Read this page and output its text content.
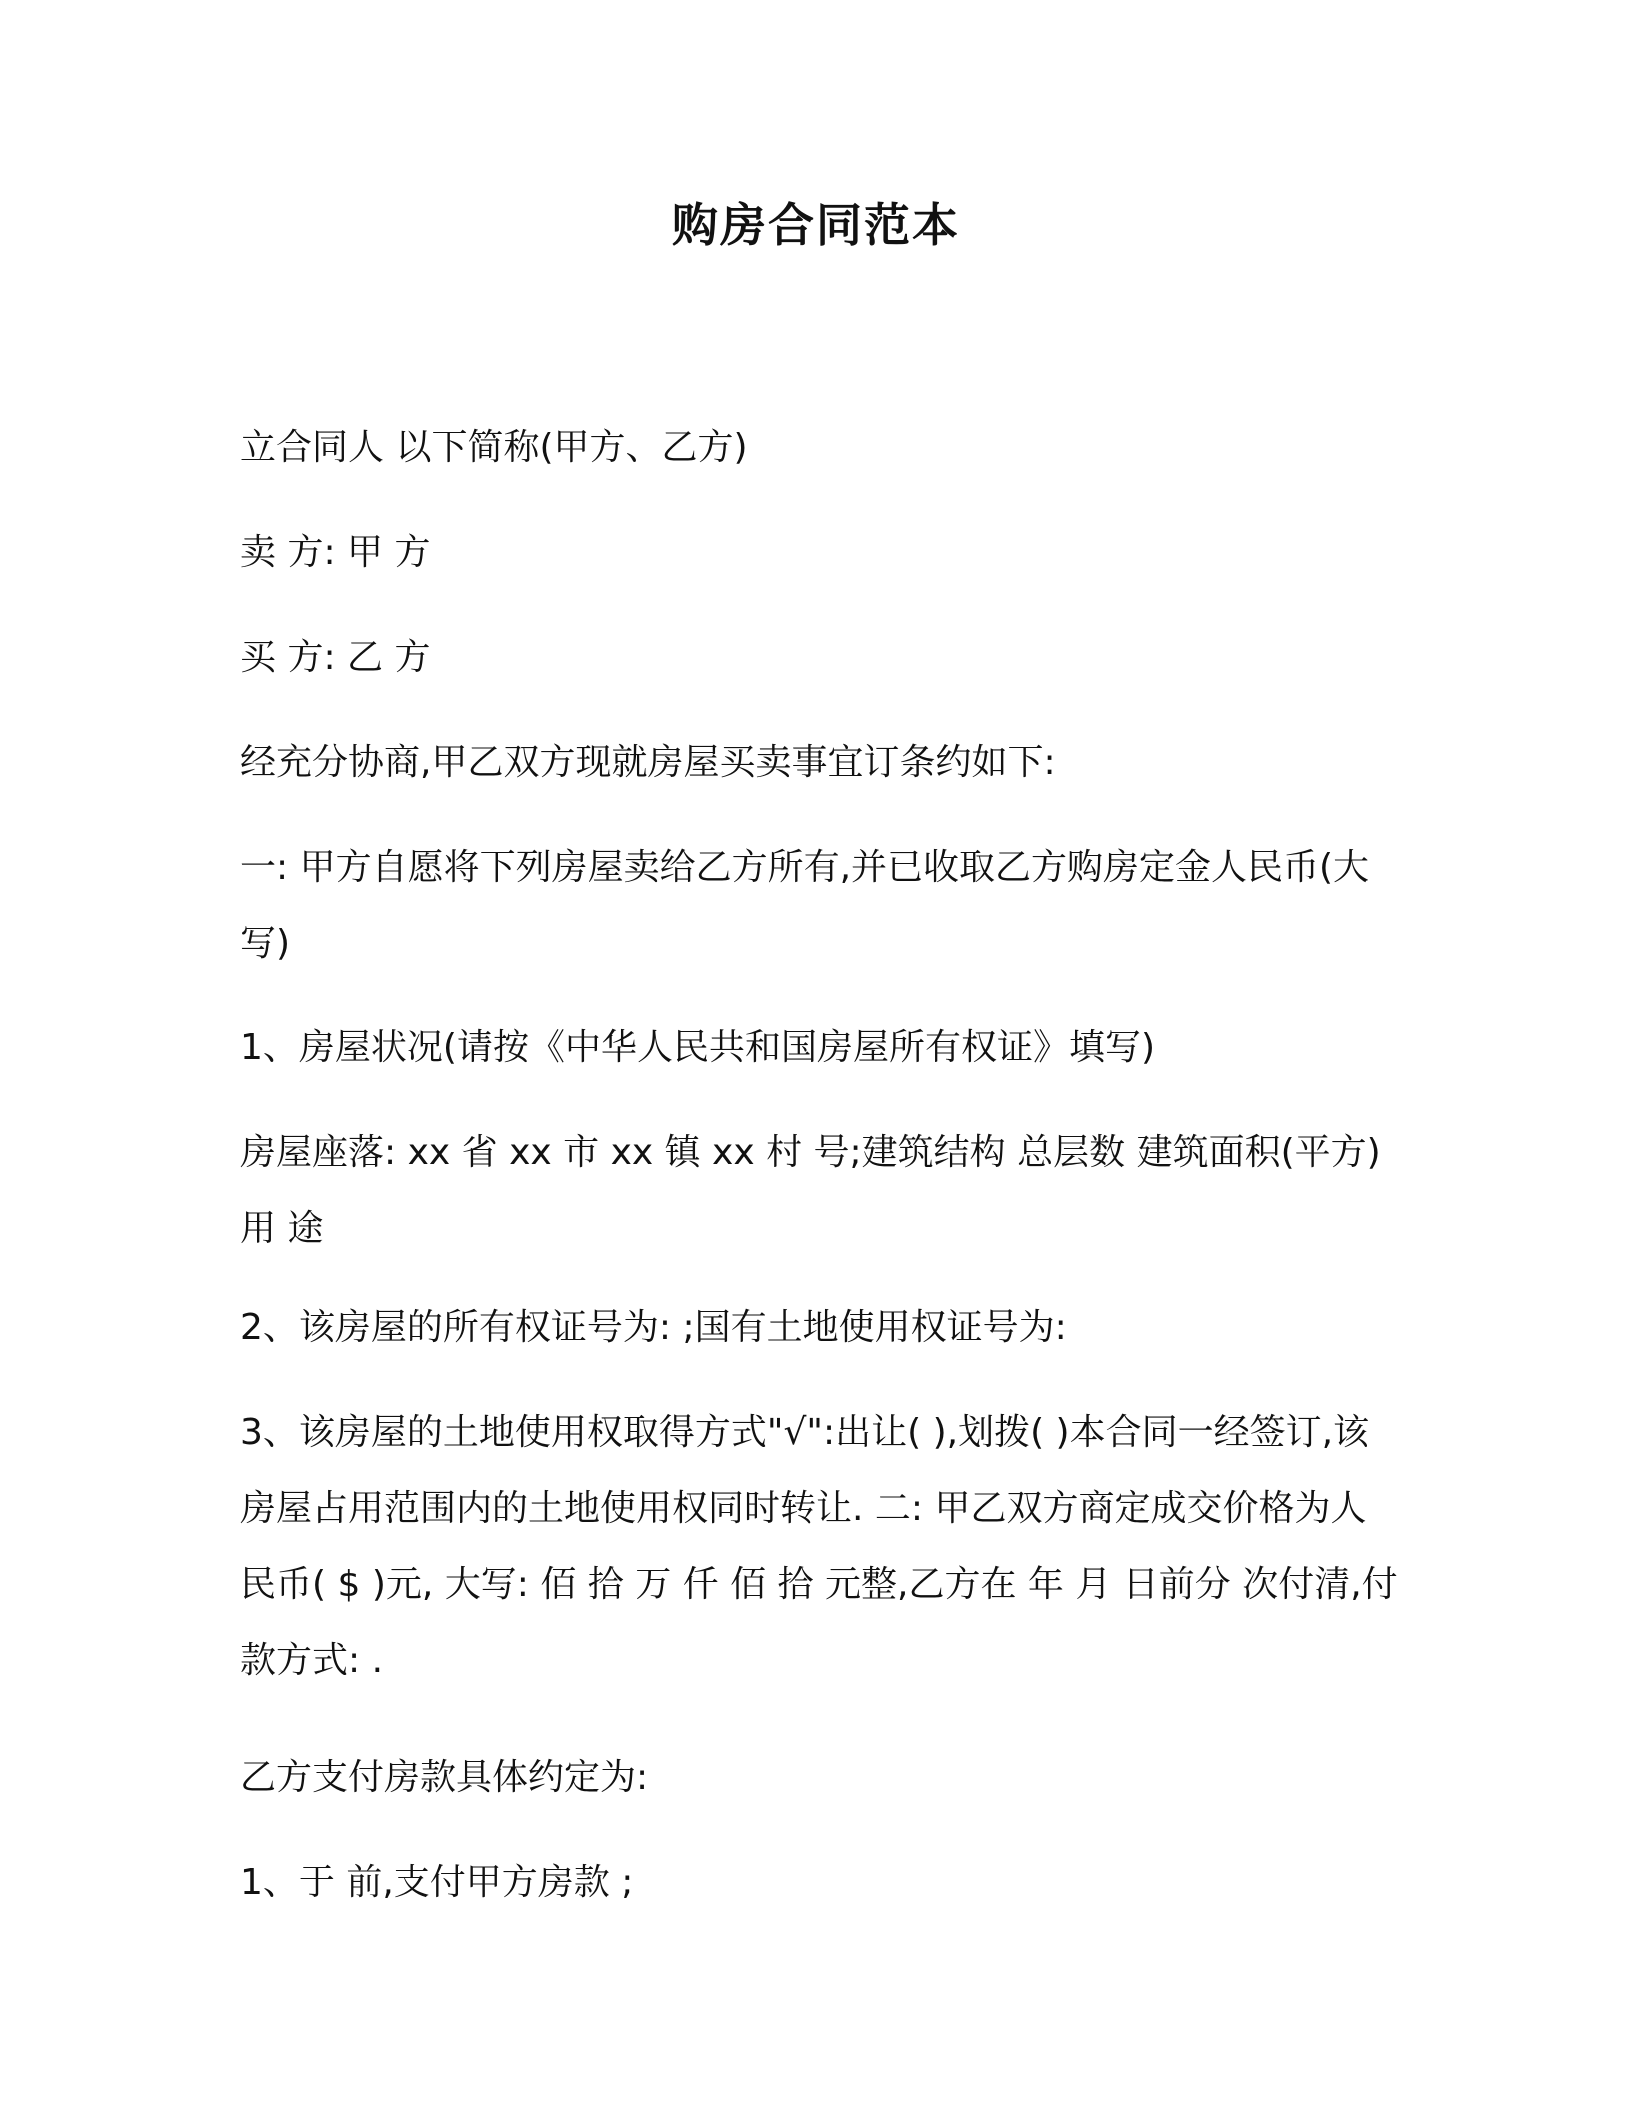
购房合同范本
立合同人 以下简称(甲方、乙方)
卖 方: 甲 方
买 方: 乙 方
经充分协商,甲乙双方现就房屋买卖事宜订条约如下:
一: 甲方自愿将下列房屋卖给乙方所有,并已收取乙方购房定金人民币(大写)
1、房屋状况(请按《中华人民共和国房屋所有权证》填写)
房屋座落: xx 省 xx 市 xx 镇 xx 村 号;建筑结构 总层数 建筑面积(平方)用 途
2、该房屋的所有权证号为: ;国有土地使用权证号为:
3、该房屋的土地使用权取得方式"√":出让( ),划拨( )本合同一经签订,该房屋占用范围内的土地使用权同时转让. 二: 甲乙双方商定成交价格为人民币( $ )元, 大写: 佰 拾 万 仟 佰 拾 元整,乙方在 年 月 日前分 次付清,付款方式: .
乙方支付房款具体约定为:
1、于 前,支付甲方房款 ;
